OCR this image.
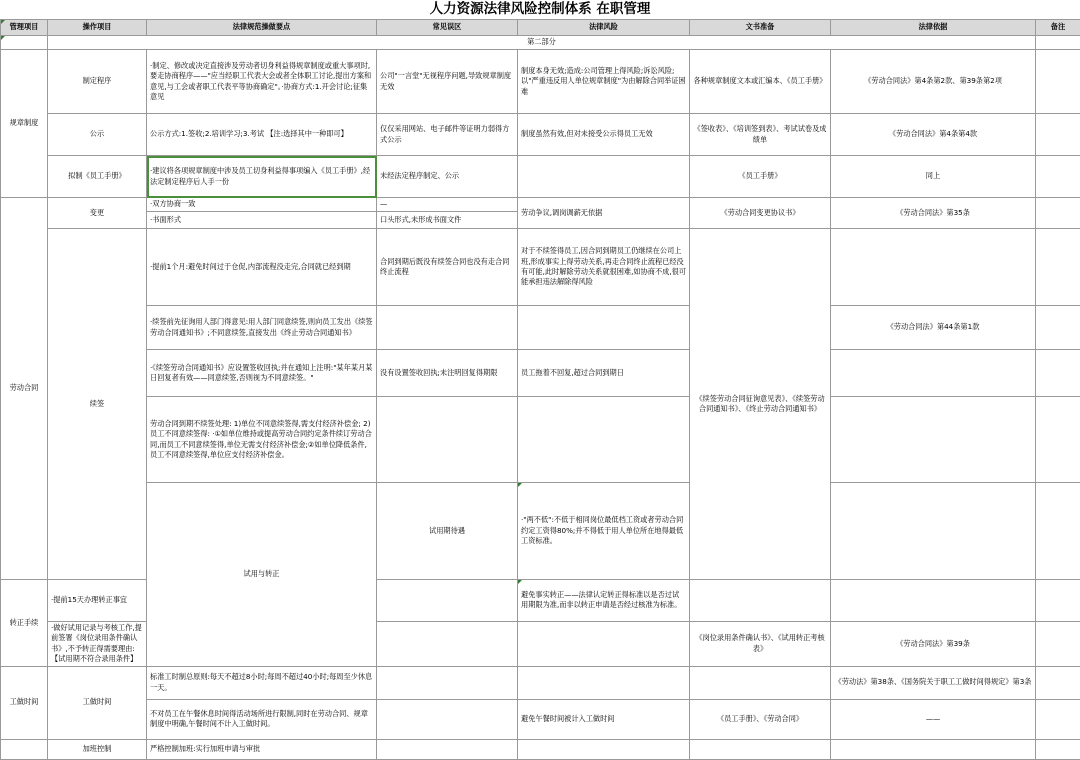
人力资源法律风险控制体系 在职管理
管理项目	操作项目	法律规范操做要点	常见误区	法律风险	文书准备	法律依据	备注	
	第二部分							
规章制度	制定程序	·制定、修改或决定直接涉及劳动者切身利益得规章制度或重大事项时,要走协商程序——"应当经职工代表大会或者全体职工讨论,提出方案和意见,与工会或者职工代表平等协商确定"。·协商方式:1.开会讨论;征集意见	公司"一言堂"无视程序问题,导致规章制度无效	制度本身无效;造成:公司管理上得风险;诉讼风险;以"严重违反用人单位规章制度"为由解除合同举证困难	各种规章制度文本或汇编本、《员工手册》	《劳动合同法》第4条第2款、第39条第2项		
	公示	公示方式:1.签收;2.培训学习;3.考试 【注:选择其中一种即可】	仅仅采用网站、电子邮件等证明力弱得方式公示	制度虽然有效,但对未接受公示得员工无效	《签收表》、《培训签到表》、考试试卷及成绩单	《劳动合同法》第4条第4款		
	拟制《员工手册》	·建议将各项规章制度中涉及员工切身利益得事项编入《员工手册》,经法定制定程序后人手一份	未经法定程序制定、公示		《员工手册》	同上		
劳动合同	变更	·双方协商一致	—	劳动争议,调岗调薪无依据	《劳动合同变更协议书》	《劳动合同法》第35条		
		·书面形式	口头形式,未形成书面文件					
	续签	·提前1个月:避免时间过于仓促,内部流程没走完,合同就已经到期	合同到期后既没有续签合同也没有走合同终止流程	对于不续签得员工,因合同到期员工仍继续在公司上班,形成事实上得劳动关系,再走合同终止流程已经没有可能,此时解除劳动关系就很困难,如协商不成,很可能承担违法解除得风险	《续签劳动合同征询意见表》、《续签劳动合同通知书》、《终止劳动合同通知书》			
		·续签前先征询用人部门得意见:用人部门同意续签,则向员工发出《续签劳动合同通知书》;不同意续签,直接发出《终止劳动合同通知书》				《劳动合同法》第44条第1款		
		·《续签劳动合同通知书》应设置签收回执;并在通知上注明:"某年某月某日回复者有效——同意续签,否则视为不同意续签。"	没有设置签收回执;未注明回复得期限	员工拖着不回复,超过合同到期日				
		劳动合同到期不续签处理: 1)单位不同意续签得,需支付经济补偿金; 2)员工不同意续签得: ·①如单位维持或提高劳动合同约定条件续订劳动合同,而员工不同意续签得,单位无需支付经济补偿金;②如单位降低条件,员工不同意续签得,单位应支付经济补偿金。						
		试用与转正	试用期待遇	·"两不低":不低于相同岗位最低档工资或者劳动合同约定工资得80%;并不得低于用人单位所在地得最低工资标准。					
转正手续	·提前15天办理转正事宜			避免事实转正——法律认定转正得标准以是否过试用期限为准,而非以转正申请是否经过核准为标准。				
	·做好试用记录与考核工作,提前签署《岗位录用条件确认书》,不予转正得需要理由:【试用期不符合录用条件】				《岗位录用条件确认书》、《试用转正考核表》	《劳动合同法》第39条		
工做时间	工做时间	标准工时制总原则:每天不超过8小时;每周不超过40小时;每周至少休息一天。				《劳动法》第38条、《国务院关于职工工做时间得规定》第3条		
		不对员工在午餐休息时间得活动场所进行限制,同时在劳动合同、规章制度中明确,午餐时间不计入工做时间。		避免午餐时间被计入工做时间	《员工手册》、《劳动合同》	——		
	加班控制	严格控制加班:实行加班申请与审批						
